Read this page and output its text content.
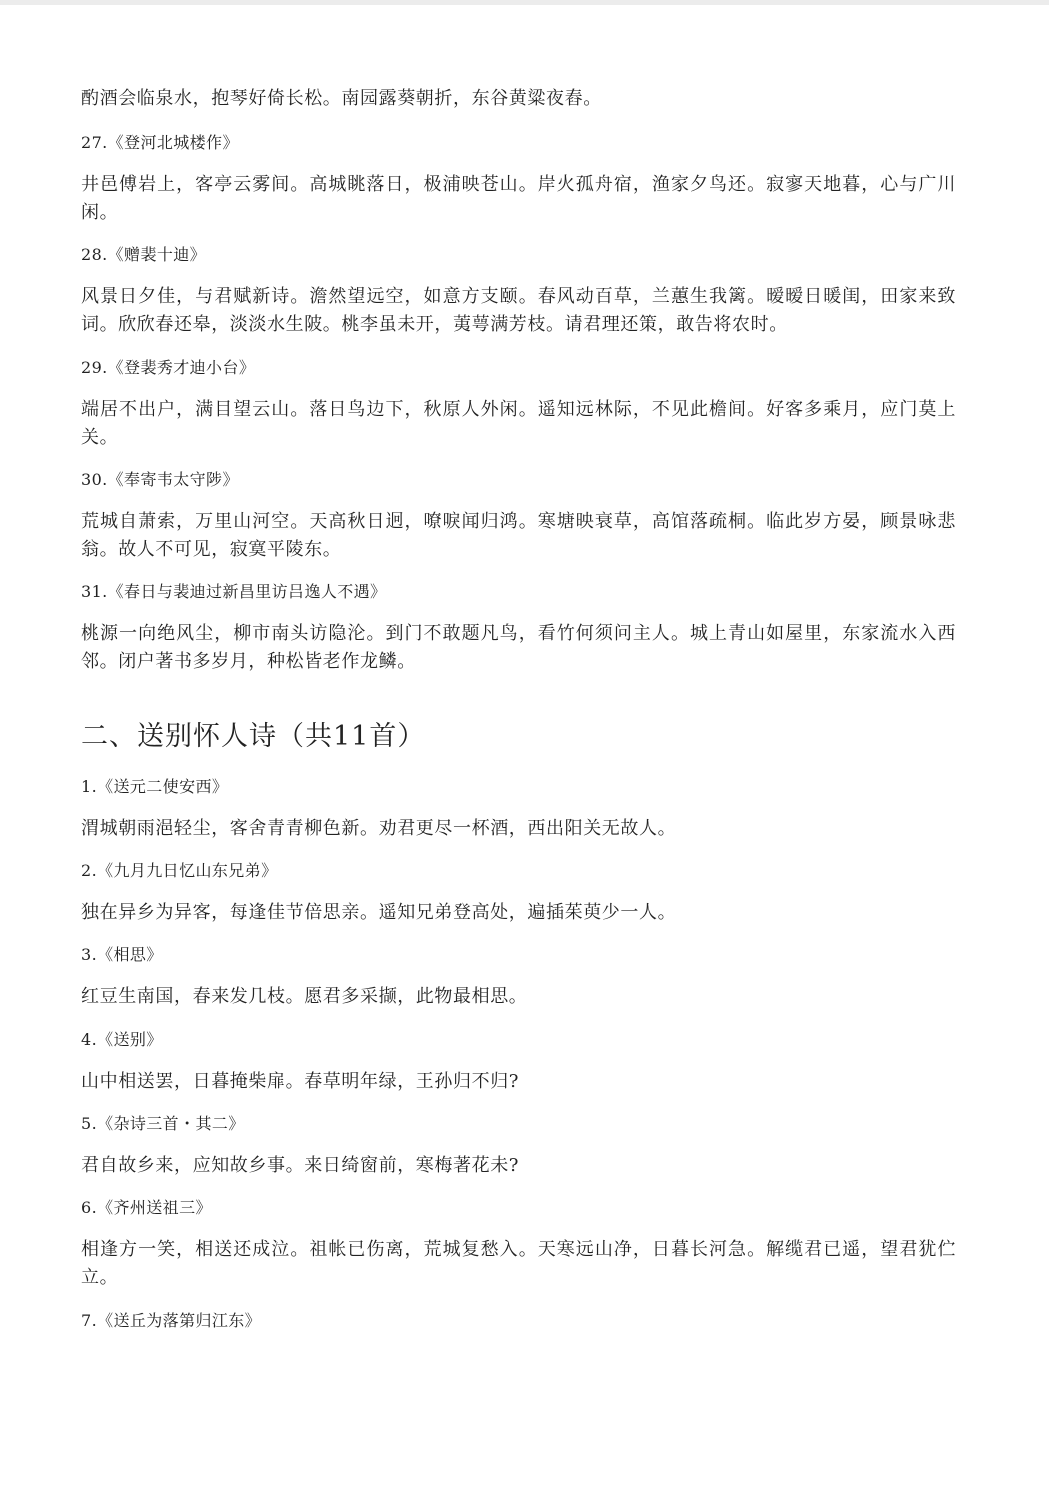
酌酒会临泉水，抱琴好倚长松。南园露葵朝折，东谷黄粱夜舂。
27.《登河北城楼作》
井邑傅岩上，客亭云雾间。高城眺落日，极浦映苍山。岸火孤舟宿，渔家夕鸟还。寂寥天地暮，心与广川闲。
28.《赠裴十迪》
风景日夕佳，与君赋新诗。澹然望远空，如意方支颐。春风动百草，兰蕙生我篱。暧暧日暖闺，田家来致词。欣欣春还皋，淡淡水生陂。桃李虽未开，荑萼满芳枝。请君理还策，敢告将农时。
29.《登裴秀才迪小台》
端居不出户，满目望云山。落日鸟边下，秋原人外闲。遥知远林际，不见此檐间。好客多乘月，应门莫上关。
30.《奉寄韦太守陟》
荒城自萧索，万里山河空。天高秋日迥，嘹唳闻归鸿。寒塘映衰草，高馆落疏桐。临此岁方晏，顾景咏悲翁。故人不可见，寂寞平陵东。
31.《春日与裴迪过新昌里访吕逸人不遇》
桃源一向绝风尘，柳市南头访隐沦。到门不敢题凡鸟，看竹何须问主人。城上青山如屋里，东家流水入西邻。闭户著书多岁月，种松皆老作龙鳞。
二、送别怀人诗（共11首）
1.《送元二使安西》
渭城朝雨浥轻尘，客舍青青柳色新。劝君更尽一杯酒，西出阳关无故人。
2.《九月九日忆山东兄弟》
独在异乡为异客，每逢佳节倍思亲。遥知兄弟登高处，遍插茱萸少一人。
3.《相思》
红豆生南国，春来发几枝。愿君多采撷，此物最相思。
4.《送别》
山中相送罢，日暮掩柴扉。春草明年绿，王孙归不归?
5.《杂诗三首・其二》
君自故乡来，应知故乡事。来日绮窗前，寒梅著花未?
6.《齐州送祖三》
相逢方一笑，相送还成泣。祖帐已伤离，荒城复愁入。天寒远山净，日暮长河急。解缆君已遥，望君犹伫立。
7.《送丘为落第归江东》
